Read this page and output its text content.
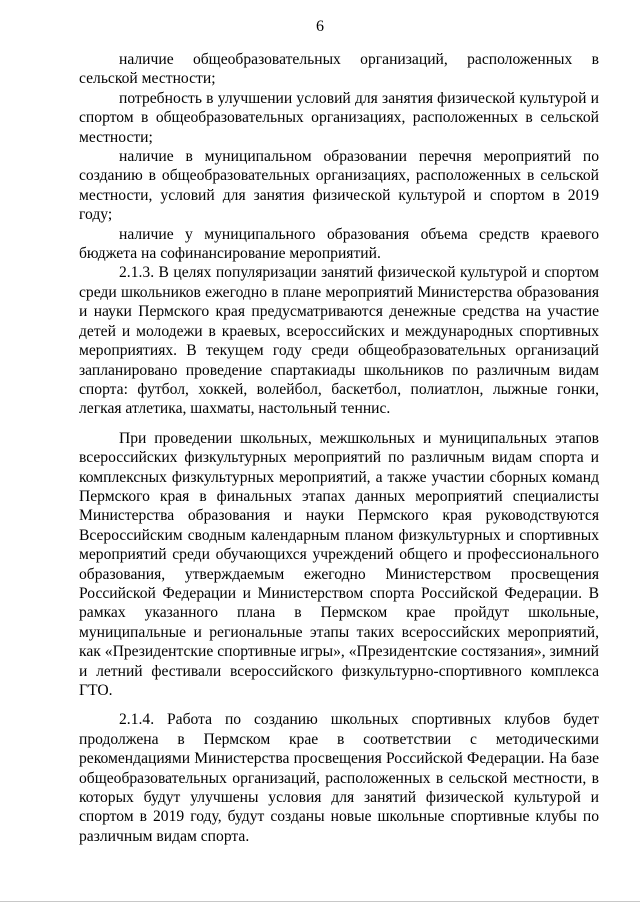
6

наличие общеобразовательных организаций, расположенных в сельской местности;

потребность в улучшении условий для занятия физической культурой и спортом в общеобразовательных организациях, расположенных в сельской местности;

наличие в муниципальном образовании перечня мероприятий по созданию в общеобразовательных организациях, расположенных в сельской местности, условий для занятия физической культурой и спортом в 2019 году;

наличие у муниципального образования объема средств краевого бюджета на софинансирование мероприятий.

2.1.3. В целях популяризации занятий физической культурой и спортом среди школьников ежегодно в плане мероприятий Министерства образования и науки Пермского края предусматриваются денежные средства на участие детей и молодежи в краевых, всероссийских и международных спортивных мероприятиях. В текущем году среди общеобразовательных организаций запланировано проведение спартакиады школьников по различным видам спорта: футбол, хоккей, волейбол, баскетбол, полиатлон, лыжные гонки, легкая атлетика, шахматы, настольный теннис.

При проведении школьных, межшкольных и муниципальных этапов всероссийских физкультурных мероприятий по различным видам спорта и комплексных физкультурных мероприятий, а также участии сборных команд Пермского края в финальных этапах данных мероприятий специалисты Министерства образования и науки Пермского края руководствуются Всероссийским сводным календарным планом физкультурных и спортивных мероприятий среди обучающихся учреждений общего и профессионального образования, утверждаемым ежегодно Министерством просвещения Российской Федерации и Министерством спорта Российской Федерации. В рамках указанного плана в Пермском крае пройдут школьные, муниципальные и региональные этапы таких всероссийских мероприятий, как «Президентские спортивные игры», «Президентские состязания», зимний и летний фестивали всероссийского физкультурно-спортивного комплекса ГТО.

2.1.4. Работа по созданию школьных спортивных клубов будет продолжена в Пермском крае в соответствии с методическими рекомендациями Министерства просвещения Российской Федерации. На базе общеобразовательных организаций, расположенных в сельской местности, в которых будут улучшены условия для занятий физической культурой и спортом в 2019 году, будут созданы новые школьные спортивные клубы по различным видам спорта.
